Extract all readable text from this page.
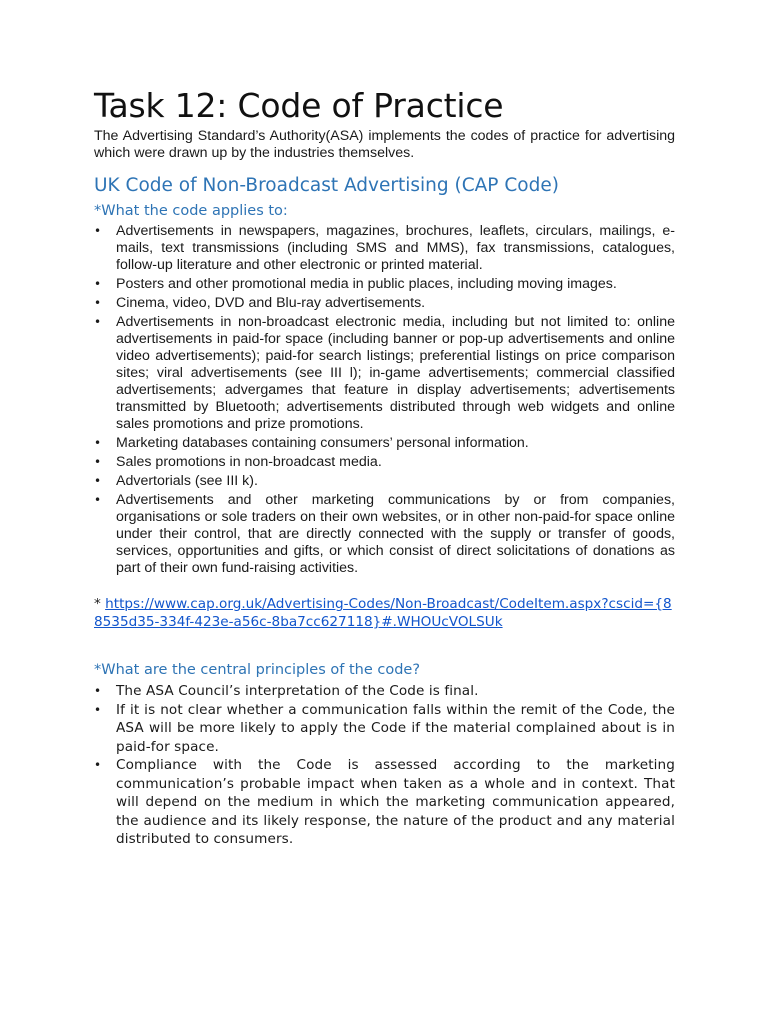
Task 12: Code of Practice

The Advertising Standard’s Authority(ASA) implements the codes of practice for advertising which were drawn up by the industries themselves.

UK Code of Non-Broadcast Advertising (CAP Code)
*What the code applies to:
• Advertisements in newspapers, magazines, brochures, leaflets, circulars, mailings, e-mails, text transmissions (including SMS and MMS), fax transmissions, catalogues, follow-up literature and other electronic or printed material.
• Posters and other promotional media in public places, including moving images.
• Cinema, video, DVD and Blu-ray advertisements.
• Advertisements in non-broadcast electronic media, including but not limited to: online advertisements in paid-for space (including banner or pop-up advertisements and online video advertisements); paid-for search listings; preferential listings on price comparison sites; viral advertisements (see III l); in-game advertisements; commercial classified advertisements; advergames that feature in display advertisements; advertisements transmitted by Bluetooth; advertisements distributed through web widgets and online sales promotions and prize promotions.
• Marketing databases containing consumers’ personal information.
• Sales promotions in non-broadcast media.
• Advertorials (see III k).
• Advertisements and other marketing communications by or from companies, organisations or sole traders on their own websites, or in other non-paid-for space online under their control, that are directly connected with the supply or transfer of goods, services, opportunities and gifts, or which consist of direct solicitations of donations as part of their own fund-raising activities.
* https://www.cap.org.uk/Advertising-Codes/Non-Broadcast/CodeItem.aspx?cscid={88535d35-334f-423e-a56c-8ba7cc627118}#.WHOUcVOLSUk
*What are the central principles of the code?
• The ASA Council’s interpretation of the Code is final.
• If it is not clear whether a communication falls within the remit of the Code, the ASA will be more likely to apply the Code if the material complained about is in paid-for space.
• Compliance with the Code is assessed according to the marketing communication’s probable impact when taken as a whole and in context. That will depend on the medium in which the marketing communication appeared, the audience and its likely response, the nature of the product and any material distributed to consumers.
